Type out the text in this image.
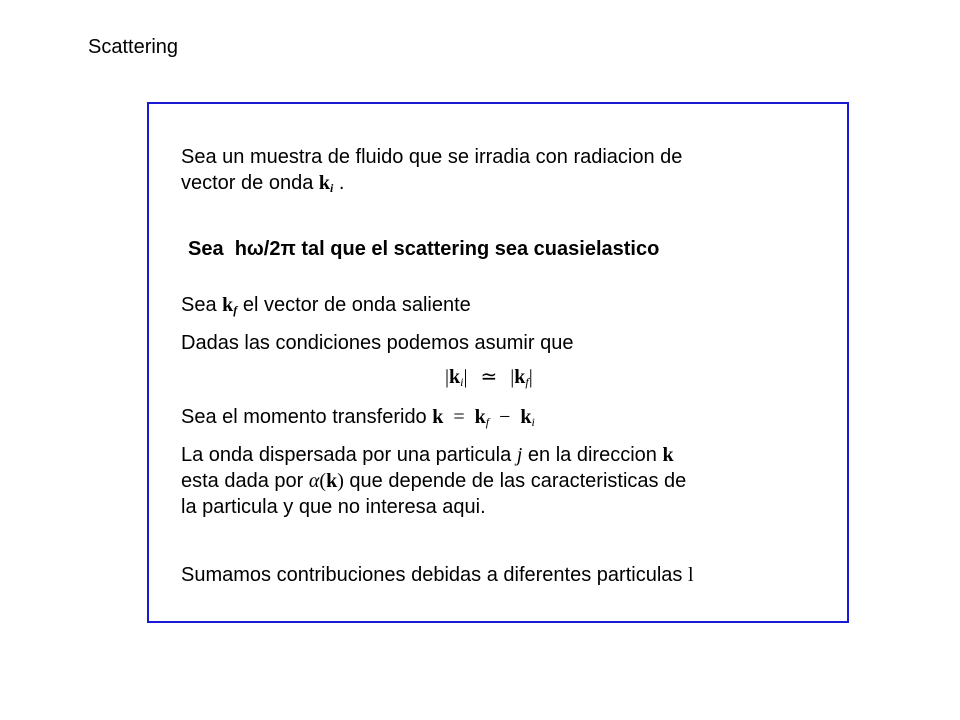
Scattering
Sea un muestra de fluido que se irradia con radiacion de
vector de onda $k_i$ .
Sea  hω/2π tal que el scattering sea cuasielastico
Sea $k_f$ el vector de onda saliente
Dadas las condiciones podemos asumir que
$|k_i|$ ≃ $|k_f|$
Sea el momento transferido $k = k_f - k_i$
La onda dispersada por una particula j en la direccion k
esta dada por α(k) que depende de las caracteristicas de
la particula y que no interesa aqui.
Sumamos contribuciones debidas a diferentes particulas l
